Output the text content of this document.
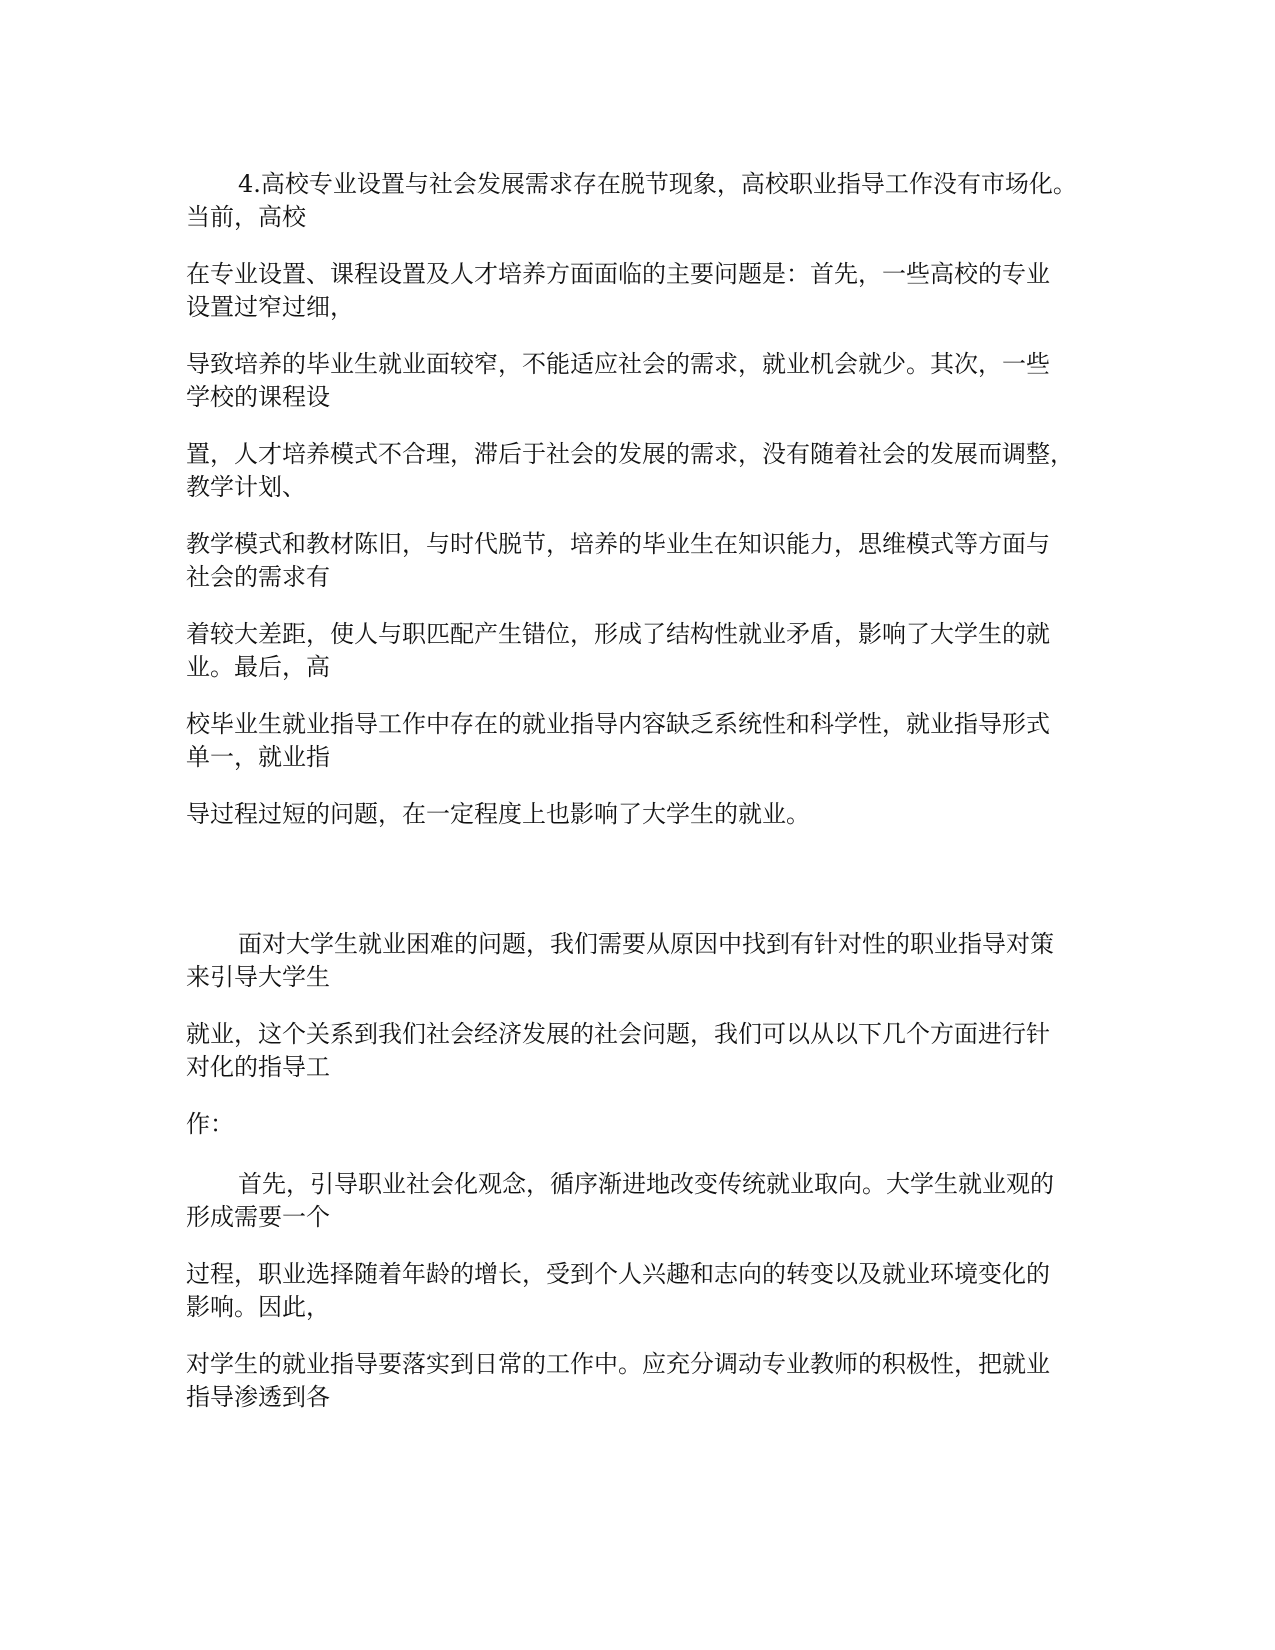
4.高校专业设置与社会发展需求存在脱节现象，高校职业指导工作没有市场化。
当前，高校

在专业设置、课程设置及人才培养方面面临的主要问题是：首先，一些高校的专业
设置过窄过细，

导致培养的毕业生就业面较窄，不能适应社会的需求，就业机会就少。其次，一些
学校的课程设

置，人才培养模式不合理，滞后于社会的发展的需求，没有随着社会的发展而调整，
教学计划、

教学模式和教材陈旧，与时代脱节，培养的毕业生在知识能力，思维模式等方面与
社会的需求有

着较大差距，使人与职匹配产生错位，形成了结构性就业矛盾，影响了大学生的就
业。最后，高

校毕业生就业指导工作中存在的就业指导内容缺乏系统性和科学性，就业指导形式
单一，就业指

导过程过短的问题，在一定程度上也影响了大学生的就业。

面对大学生就业困难的问题，我们需要从原因中找到有针对性的职业指导对策
来引导大学生

就业，这个关系到我们社会经济发展的社会问题，我们可以从以下几个方面进行针
对化的指导工

作：

首先，引导职业社会化观念，循序渐进地改变传统就业取向。大学生就业观的
形成需要一个

过程，职业选择随着年龄的增长，受到个人兴趣和志向的转变以及就业环境变化的
影响。因此，

对学生的就业指导要落实到日常的工作中。应充分调动专业教师的积极性，把就业
指导渗透到各
